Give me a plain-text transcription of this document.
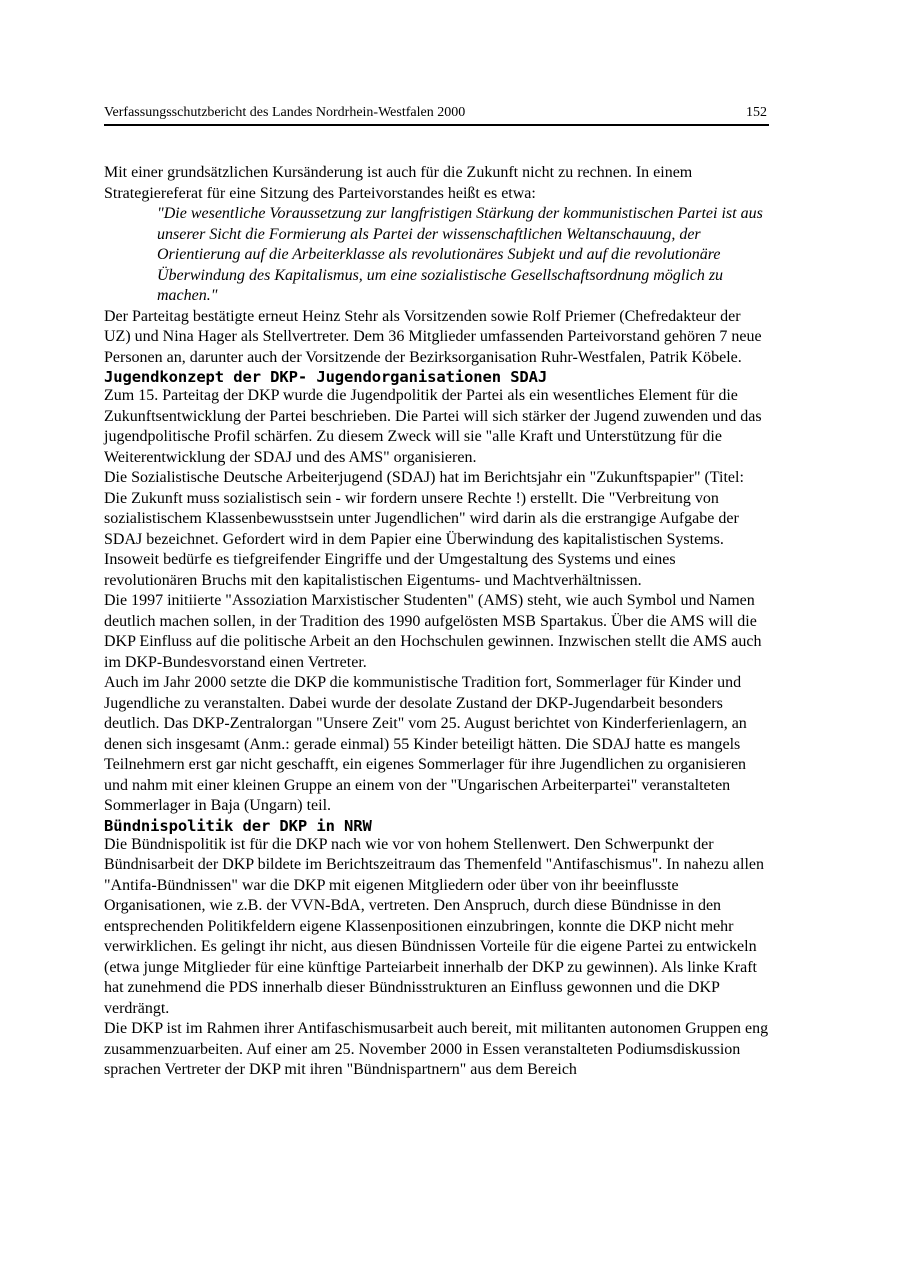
Verfassungsschutzbericht des Landes Nordrhein-Westfalen 2000	152

Mit einer grundsätzlichen Kursänderung ist auch für die Zukunft nicht zu rechnen. In einem Strategiereferat für eine Sitzung des Parteivorstandes heißt es etwa:

"Die wesentliche Voraussetzung zur langfristigen Stärkung der kommunistischen Partei ist aus unserer Sicht die Formierung als Partei der wissenschaftlichen Weltanschauung, der Orientierung auf die Arbeiterklasse als revolutionäres Subjekt und auf die revolutionäre Überwindung des Kapitalismus, um eine sozialistische Gesellschaftsordnung möglich zu machen."

Der Parteitag bestätigte erneut Heinz Stehr als Vorsitzenden sowie Rolf Priemer (Chefredakteur der UZ) und Nina Hager als Stellvertreter. Dem 36 Mitglieder umfassenden Parteivorstand gehören 7 neue Personen an, darunter auch der Vorsitzende der Bezirksorganisation Ruhr-Westfalen, Patrik Köbele.

Jugendkonzept der DKP- Jugendorganisationen SDAJ

Zum 15. Parteitag der DKP wurde die Jugendpolitik der Partei als ein wesentliches Element für die Zukunftsentwicklung der Partei beschrieben. Die Partei will sich stärker der Jugend zuwenden und das jugendpolitische Profil schärfen. Zu diesem Zweck will sie "alle Kraft und Unterstützung für die Weiterentwicklung der SDAJ und des AMS" organisieren.

Die Sozialistische Deutsche Arbeiterjugend (SDAJ) hat im Berichtsjahr ein "Zukunftspapier" (Titel: Die Zukunft muss sozialistisch sein - wir fordern unsere Rechte !) erstellt. Die "Verbreitung von sozialistischem Klassenbewusstsein unter Jugendlichen" wird darin als die erstrangige Aufgabe der SDAJ bezeichnet. Gefordert wird in dem Papier eine Überwindung des kapitalistischen Systems. Insoweit bedürfe es tiefgreifender Eingriffe und der Umgestaltung des Systems und eines revolutionären Bruchs mit den kapitalistischen Eigentums- und Machtverhältnissen.

Die 1997 initiierte "Assoziation Marxistischer Studenten" (AMS) steht, wie auch Symbol und Namen deutlich machen sollen, in der Tradition des 1990 aufgelösten MSB Spartakus. Über die AMS will die DKP Einfluss auf die politische Arbeit an den Hochschulen gewinnen. Inzwischen stellt die AMS auch im DKP-Bundesvorstand einen Vertreter.

Auch im Jahr 2000 setzte die DKP die kommunistische Tradition fort, Sommerlager für Kinder und Jugendliche zu veranstalten. Dabei wurde der desolate Zustand der DKP-Jugendarbeit besonders deutlich. Das DKP-Zentralorgan "Unsere Zeit" vom 25. August berichtet von Kinderferienlagern, an denen sich insgesamt (Anm.: gerade einmal) 55 Kinder beteiligt hätten. Die SDAJ hatte es mangels Teilnehmern erst gar nicht geschafft, ein eigenes Sommerlager für ihre Jugendlichen zu organisieren und nahm mit einer kleinen Gruppe an einem von der "Ungarischen Arbeiterpartei" veranstalteten Sommerlager in Baja (Ungarn) teil.

Bündnispolitik der DKP in NRW

Die Bündnispolitik ist für die DKP nach wie vor von hohem Stellenwert. Den Schwerpunkt der Bündnisarbeit der DKP bildete im Berichtszeitraum das Themenfeld "Antifaschismus". In nahezu allen "Antifa-Bündnissen" war die DKP mit eigenen Mitgliedern oder über von ihr beeinflusste Organisationen, wie z.B. der VVN-BdA, vertreten. Den Anspruch, durch diese Bündnisse in den entsprechenden Politikfeldern eigene Klassenpositionen einzubringen, konnte die DKP nicht mehr verwirklichen. Es gelingt ihr nicht, aus diesen Bündnissen Vorteile für die eigene Partei zu entwickeln (etwa junge Mitglieder für eine künftige Parteiarbeit innerhalb der DKP zu gewinnen). Als linke Kraft hat zunehmend die PDS innerhalb dieser Bündnisstrukturen an Einfluss gewonnen und die DKP verdrängt.

Die DKP ist im Rahmen ihrer Antifaschismusarbeit auch bereit, mit militanten autonomen Gruppen eng zusammenzuarbeiten. Auf einer am 25. November 2000 in Essen veranstalteten Podiumsdiskussion sprachen Vertreter der DKP mit ihren "Bündnispartnern" aus dem Bereich
